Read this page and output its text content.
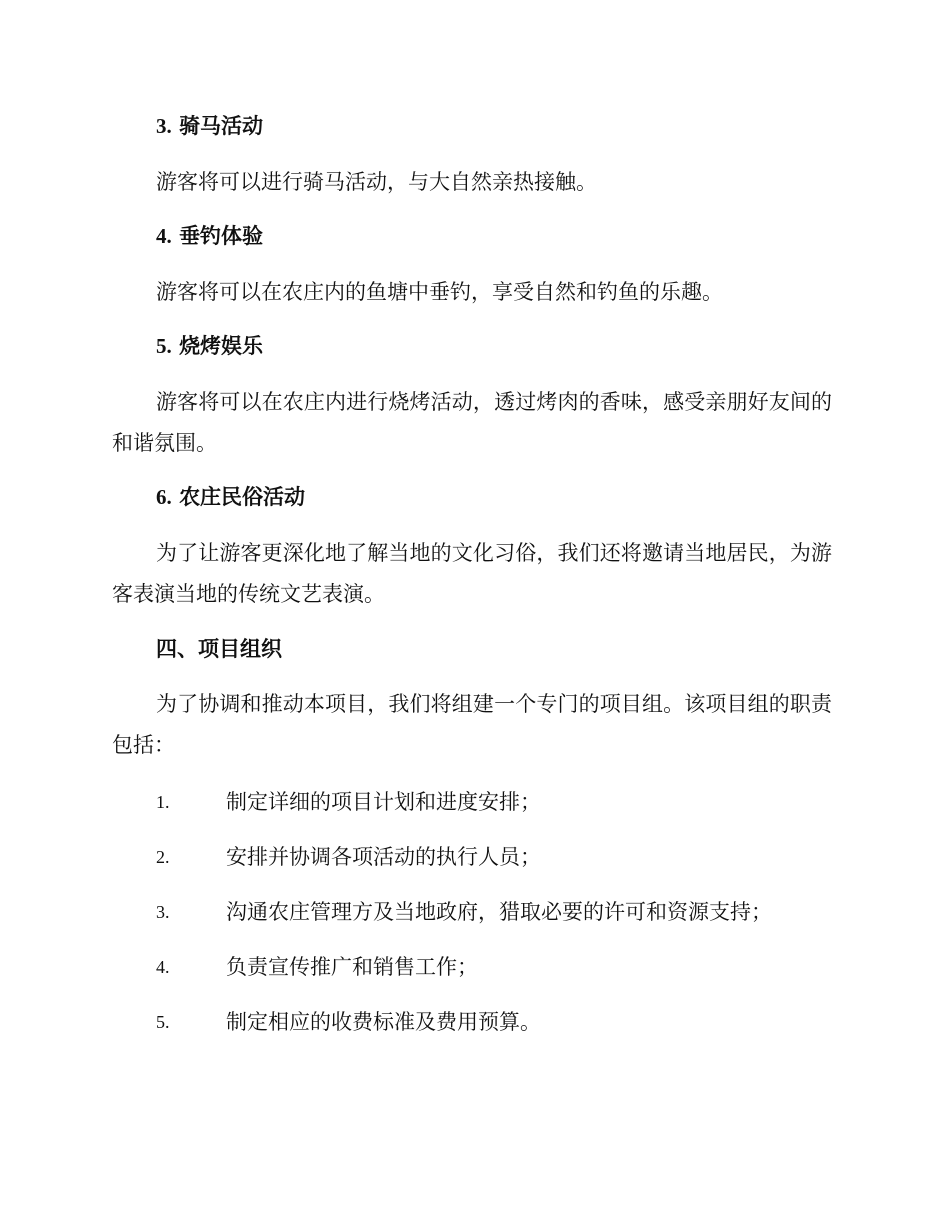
3. 骑马活动

游客将可以进行骑马活动，与大自然亲热接触。

4. 垂钓体验

游客将可以在农庄内的鱼塘中垂钓，享受自然和钓鱼的乐趣。

5. 烧烤娱乐

游客将可以在农庄内进行烧烤活动，透过烤肉的香味，感受亲朋好友间的和谐氛围。

6. 农庄民俗活动

为了让游客更深化地了解当地的文化习俗，我们还将邀请当地居民，为游客表演当地的传统文艺表演。

四、项目组织

为了协调和推动本项目，我们将组建一个专门的项目组。该项目组的职责包括：

1.	制定详细的项目计划和进度安排；
2.	安排并协调各项活动的执行人员；
3.	沟通农庄管理方及当地政府，猎取必要的许可和资源支持；
4.	负责宣传推广和销售工作；
5.	制定相应的收费标准及费用预算。
